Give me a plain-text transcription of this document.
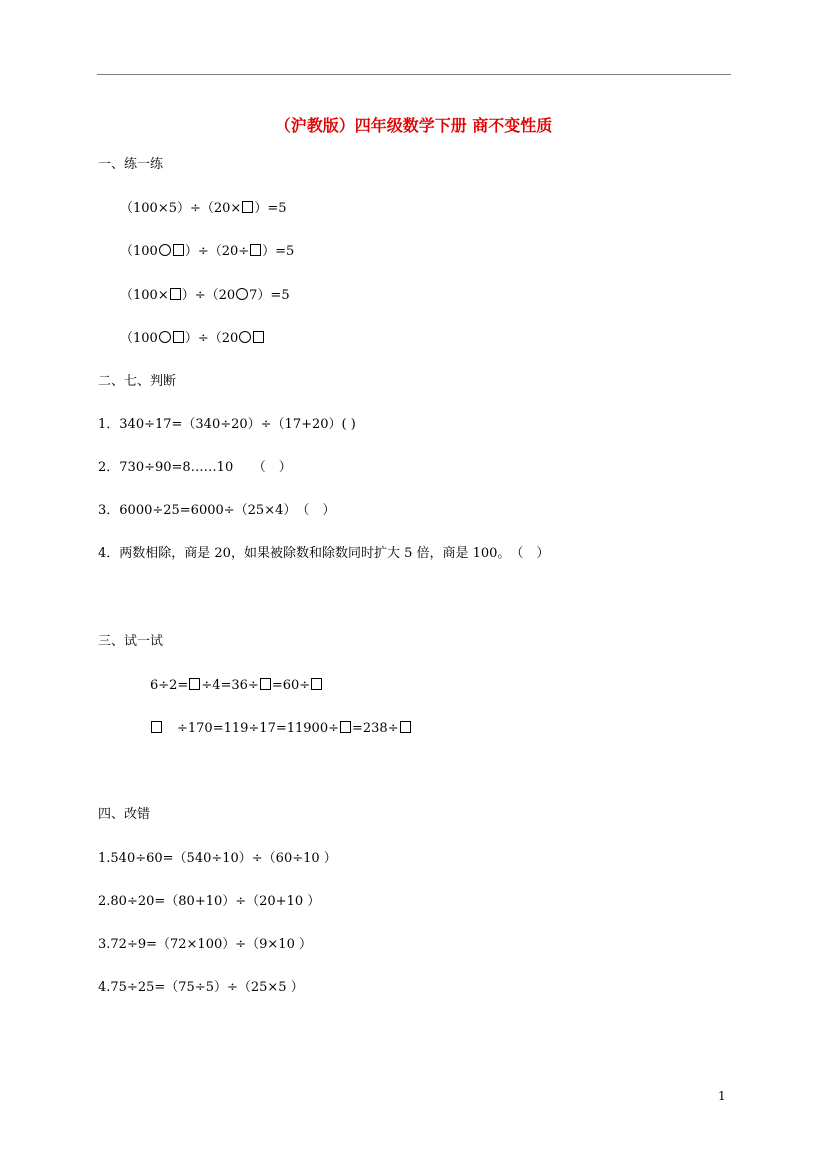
（沪教版）四年级数学下册 商不变性质
一、练一练
（100×5）÷（20× ）=5
（100 ）÷（20÷ ）=5
（100× ）÷（20 7）=5
（100 ）÷（20
二、七、判断
1．340÷17=（340÷20）÷（17+20）( )
2．730÷90=8……10　　（　）
3．6000÷25=6000÷（25×4）　（　）
4．两数相除，商是 20，如果被除数和除数同时扩大 5 倍，商是 100。　（　）
三、试一试
6÷2= ÷4=36÷ =60÷
÷170=119÷17=11900÷ =238÷
四、改错
1.540÷60=（540÷10）÷（60÷10 ）
2.80÷20=（80+10）÷（20+10 ）
3.72÷9=（72×100）÷（9×10 ）
4.75÷25=（75÷5）÷（25×5 ）
1
